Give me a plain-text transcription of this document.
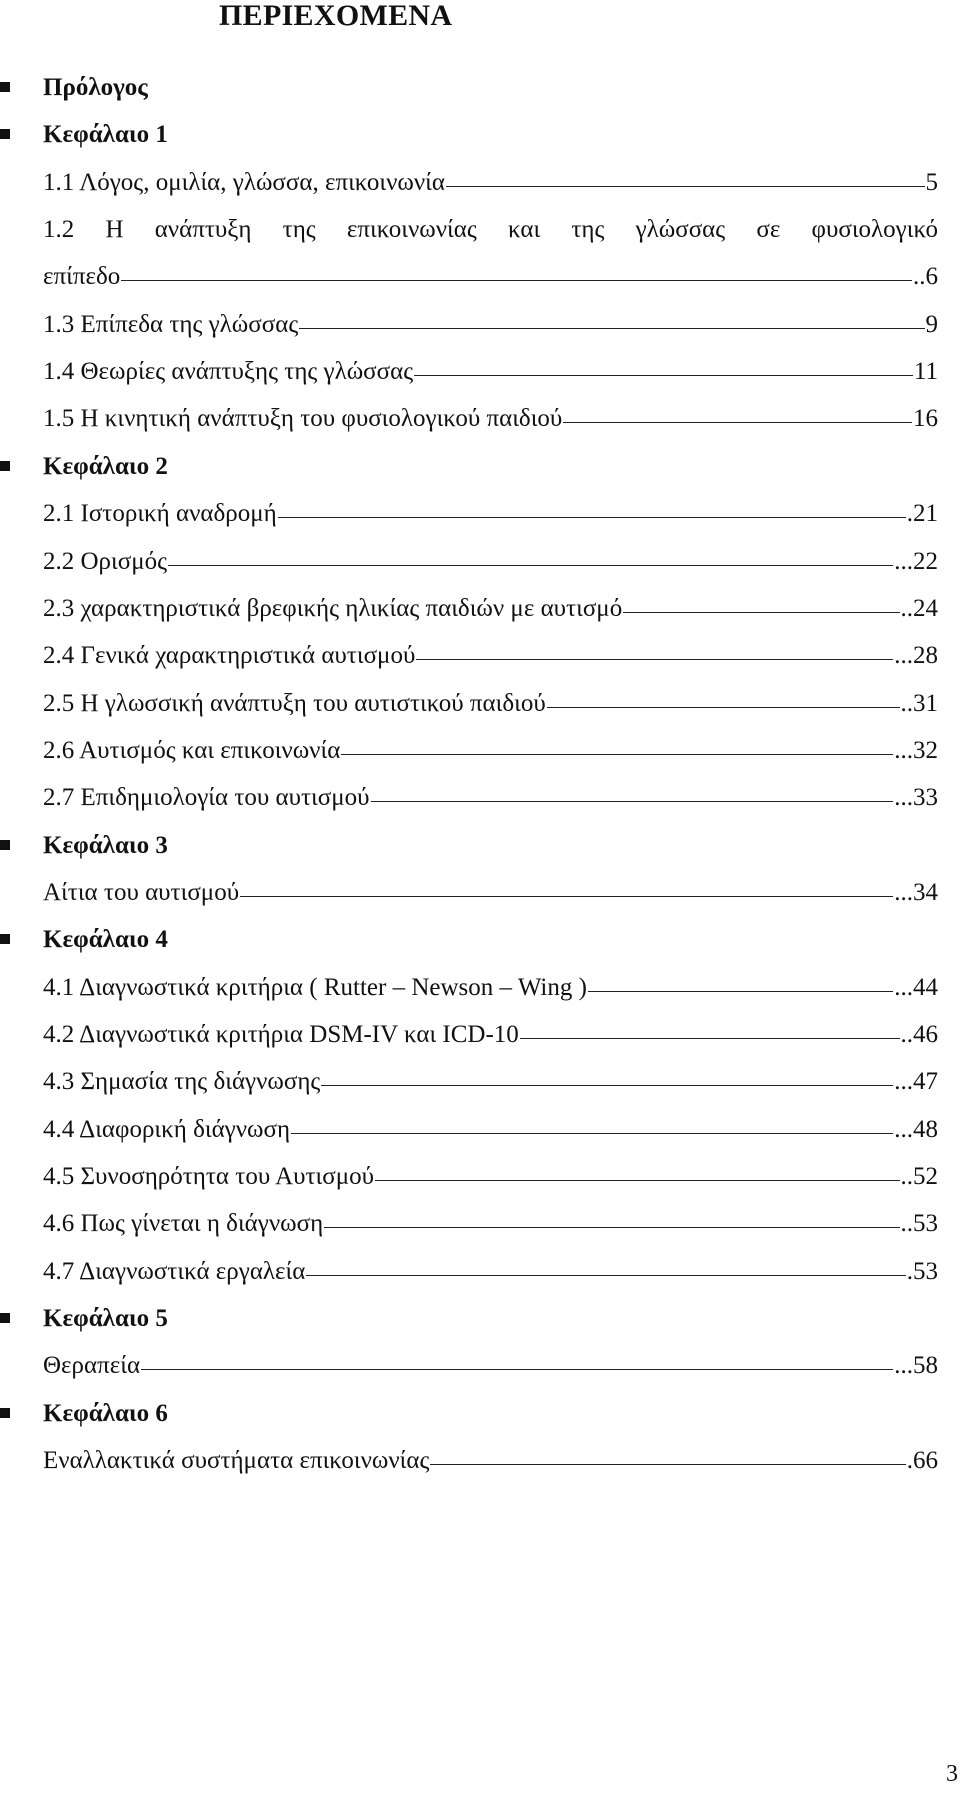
ΠΕΡΙΕΧΟΜΕΝΑ
Πρόλογος
Κεφάλαιο 1
1.1 Λόγος, ομιλία, γλώσσα, επικοινωνία	5
1.2 Η ανάπτυξη της επικοινωνίας και της γλώσσας σε φυσιολογικό
επίπεδο	..6
1.3 Επίπεδα της γλώσσας	9
1.4 Θεωρίες ανάπτυξης της γλώσσας	11
1.5 Η κινητική ανάπτυξη του φυσιολογικού παιδιού	16
Κεφάλαιο 2
2.1 Ιστορική αναδρομή	.21
2.2 Ορισμός	...22
2.3 χαρακτηριστικά βρεφικής ηλικίας παιδιών με αυτισμό	..24
2.4 Γενικά χαρακτηριστικά αυτισμού	...28
2.5 Η γλωσσική ανάπτυξη του αυτιστικού παιδιού	..31
2.6 Αυτισμός και επικοινωνία	...32
2.7 Επιδημιολογία του αυτισμού	...33
Κεφάλαιο 3
Αίτια του αυτισμού	...34
Κεφάλαιο 4
4.1 Διαγνωστικά κριτήρια ( Rutter – Newson – Wing )	...44
4.2 Διαγνωστικά κριτήρια DSM-IV και ICD-10	..46
4.3 Σημασία της διάγνωσης	...47
4.4 Διαφορική διάγνωση	...48
4.5 Συνοσηρότητα του Αυτισμού	..52
4.6 Πως γίνεται η διάγνωση	..53
4.7 Διαγνωστικά εργαλεία	.53
Κεφάλαιο 5
Θεραπεία	...58
Κεφάλαιο 6
Εναλλακτικά συστήματα επικοινωνίας	.66
3
